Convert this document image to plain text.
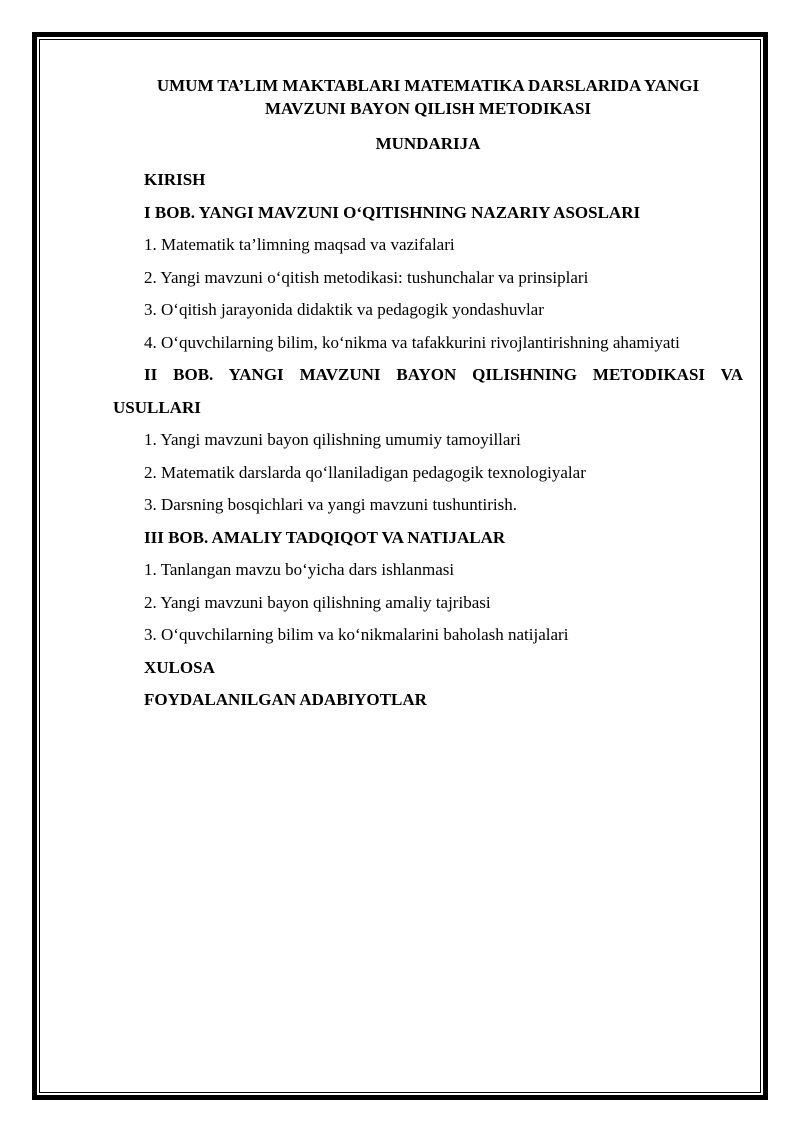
UMUM TA’LIM MAKTABLARI MATEMATIKA DARSLARIDA YANGI
MAVZUNI BAYON QILISH METODIKASI
MUNDARIJA
KIRISH
I BOB. YANGI MAVZUNI O‘QITISHNING NAZARIY ASOSLARI
1. Matematik ta’limning maqsad va vazifalari
2. Yangi mavzuni o‘qitish metodikasi: tushunchalar va prinsiplari
3. O‘qitish jarayonida didaktik va pedagogik yondashuvlar
4. O‘quvchilarning bilim, ko‘nikma va tafakkurini rivojlantirishning ahamiyati
II BOB. YANGI MAVZUNI BAYON QILISHNING METODIKASI VA USULLARI
1. Yangi mavzuni bayon qilishning umumiy tamoyillari
2. Matematik darslarda qo‘llaniladigan pedagogik texnologiyalar
3. Darsning bosqichlari va yangi mavzuni tushuntirish.
III BOB. AMALIY TADQIQOT VA NATIJALAR
1. Tanlangan mavzu bo‘yicha dars ishlanmasi
2. Yangi mavzuni bayon qilishning amaliy tajribasi
3. O‘quvchilarning bilim va ko‘nikmalarini baholash natijalari
XULOSA
FOYDALANILGAN ADABIYOTLAR
